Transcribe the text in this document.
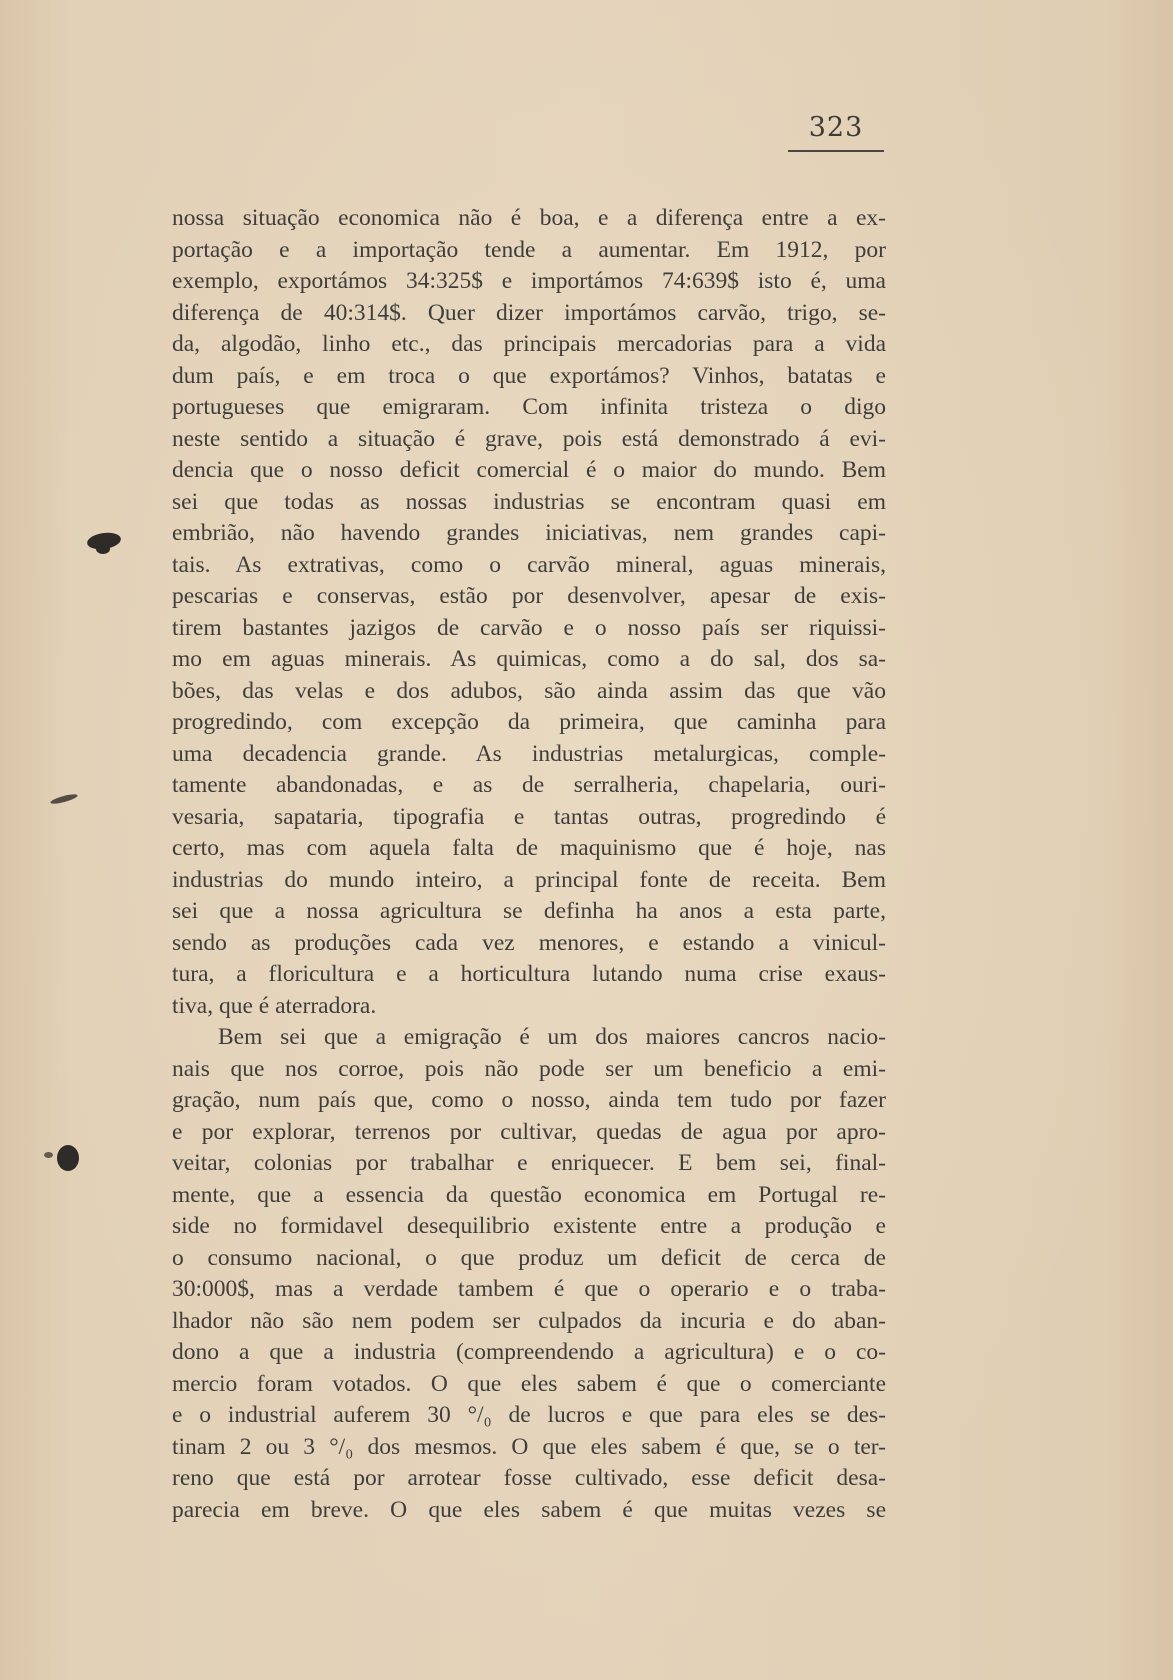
323
nossa situação economica não é boa, e a diferença entre a ex-
portação e a importação tende a aumentar. Em 1912, por
exemplo, exportámos 34:325$ e importámos 74:639$ isto é, uma
diferença de 40:314$. Quer dizer importámos carvão, trigo, se-
da, algodão, linho etc., das principais mercadorias para a vida
dum país, e em troca o que exportámos? Vinhos, batatas e
portugueses que emigraram. Com infinita tristeza o digo
neste sentido a situação é grave, pois está demonstrado á evi-
dencia que o nosso deficit comercial é o maior do mundo. Bem
sei que todas as nossas industrias se encontram quasi em
embrião, não havendo grandes iniciativas, nem grandes capi-
tais. As extrativas, como o carvão mineral, aguas minerais,
pescarias e conservas, estão por desenvolver, apesar de exis-
tirem bastantes jazigos de carvão e o nosso país ser riquissi-
mo em aguas minerais. As quimicas, como a do sal, dos sa-
bões, das velas e dos adubos, são ainda assim das que vão
progredindo, com excepção da primeira, que caminha para
uma decadencia grande. As industrias metalurgicas, comple-
tamente abandonadas, e as de serralheria, chapelaria, ouri-
vesaria, sapataria, tipografia e tantas outras, progredindo é
certo, mas com aquela falta de maquinismo que é hoje, nas
industrias do mundo inteiro, a principal fonte de receita. Bem
sei que a nossa agricultura se definha ha anos a esta parte,
sendo as produções cada vez menores, e estando a vinicul-
tura, a floricultura e a horticultura lutando numa crise exaus-
tiva, que é aterradora.
Bem sei que a emigração é um dos maiores cancros nacio-
nais que nos corroe, pois não pode ser um beneficio a emi-
gração, num país que, como o nosso, ainda tem tudo por fazer
e por explorar, terrenos por cultivar, quedas de agua por apro-
veitar, colonias por trabalhar e enriquecer. E bem sei, final-
mente, que a essencia da questão economica em Portugal re-
side no formidavel desequilibrio existente entre a produção e
o consumo nacional, o que produz um deficit de cerca de
30:000$, mas a verdade tambem é que o operario e o traba-
lhador não são nem podem ser culpados da incuria e do aban-
dono a que a industria (compreendendo a agricultura) e o co-
mercio foram votados. O que eles sabem é que o comerciante
e o industrial auferem 30 °/₀ de lucros e que para eles se des-
tinam 2 ou 3 °/₀ dos mesmos. O que eles sabem é que, se o ter-
reno que está por arrotear fosse cultivado, esse deficit desa-
parecia em breve. O que eles sabem é que muitas vezes se
